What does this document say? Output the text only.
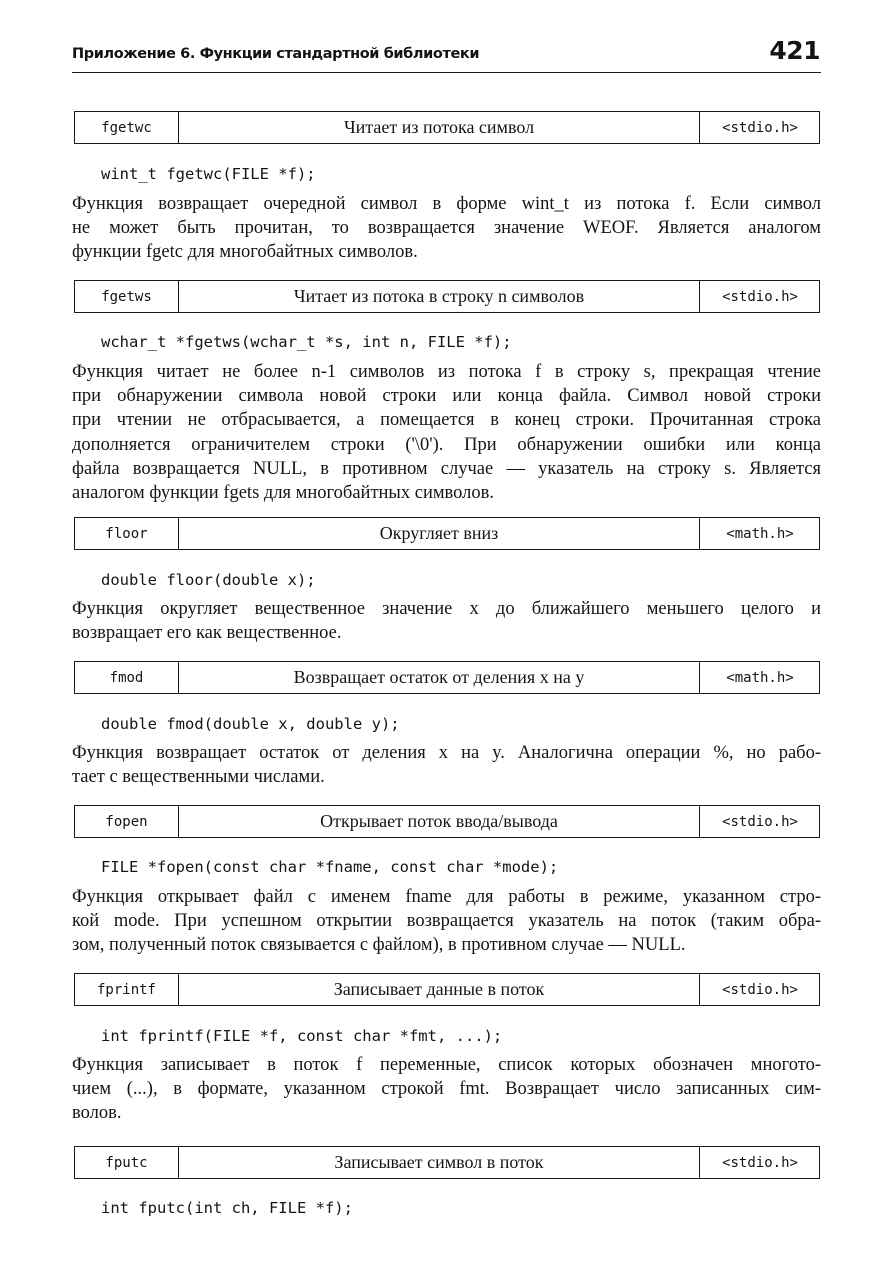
Приложение 6. Функции стандартной библиотеки	421
fgetwc	Читает из потока символ	<stdio.h>
wint_t fgetwc(FILE *f);
Функция возвращает очередной символ в форме wint_t из потока f. Если символ
не может быть прочитан, то возвращается значение WEOF. Является аналогом
функции fgetc для многобайтных символов.
fgetws	Читает из потока в строку n символов	<stdio.h>
wchar_t *fgetws(wchar_t *s, int n, FILE *f);
Функция читает не более n-1 символов из потока f в строку s, прекращая чтение
при обнаружении символа новой строки или конца файла. Символ новой строки
при чтении не отбрасывается, а помещается в конец строки. Прочитанная строка
дополняется ограничителем строки ('\0'). При обнаружении ошибки или конца
файла возвращается NULL, в противном случае — указатель на строку s. Является
аналогом функции fgets для многобайтных символов.
floor	Округляет вниз	<math.h>
double floor(double x);
Функция округляет вещественное значение x до ближайшего меньшего целого и
возвращает его как вещественное.
fmod	Возвращает остаток от деления x на y	<math.h>
double fmod(double x, double y);
Функция возвращает остаток от деления x на y. Аналогична операции %, но рабо-
тает с вещественными числами.
fopen	Открывает поток ввода/вывода	<stdio.h>
FILE *fopen(const char *fname, const char *mode);
Функция открывает файл с именем fname для работы в режиме, указанном стро-
кой mode. При успешном открытии возвращается указатель на поток (таким обра-
зом, полученный поток связывается с файлом), в противном случае — NULL.
fprintf	Записывает данные в поток	<stdio.h>
int fprintf(FILE *f, const char *fmt, ...);
Функция записывает в поток f переменные, список которых обозначен многото-
чием (...), в формате, указанном строкой fmt. Возвращает число записанных сим-
волов.
fputc	Записывает символ в поток	<stdio.h>
int fputc(int ch, FILE *f);
